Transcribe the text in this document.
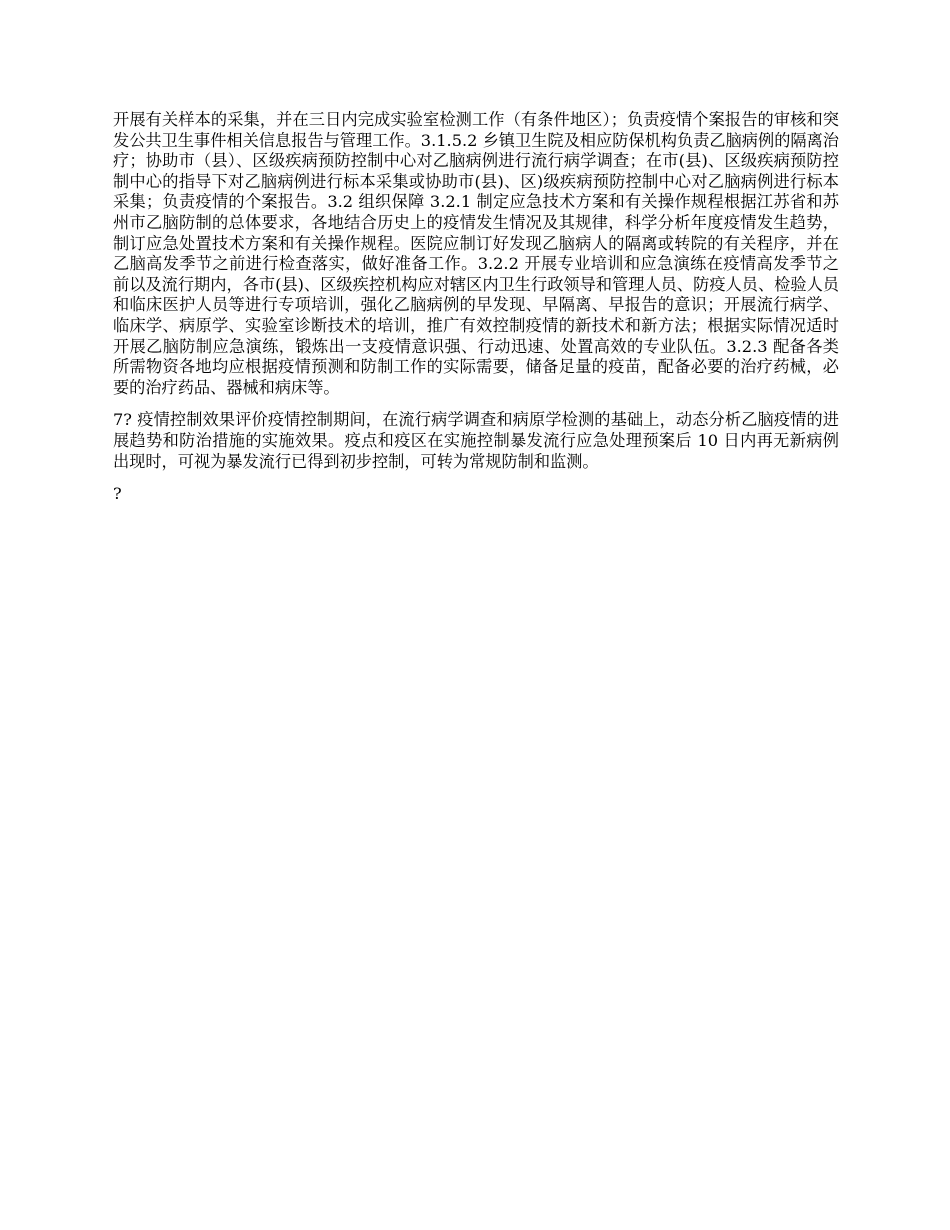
开展有关样本的采集，并在三日内完成实验室检测工作（有条件地区）；负责疫情个案报告的审核和突发公共卫生事件相关信息报告与管理工作。3.1.5.2 乡镇卫生院及相应防保机构负责乙脑病例的隔离治疗；协助市（县）、区级疾病预防控制中心对乙脑病例进行流行病学调查；在市(县)、区级疾病预防控制中心的指导下对乙脑病例进行标本采集或协助市(县)、区)级疾病预防控制中心对乙脑病例进行标本采集；负责疫情的个案报告。3.2 组织保障 3.2.1 制定应急技术方案和有关操作规程根据江苏省和苏州市乙脑防制的总体要求，各地结合历史上的疫情发生情况及其规律，科学分析年度疫情发生趋势，制订应急处置技术方案和有关操作规程。医院应制订好发现乙脑病人的隔离或转院的有关程序，并在乙脑高发季节之前进行检查落实，做好准备工作。3.2.2 开展专业培训和应急演练在疫情高发季节之前以及流行期内，各市(县)、区级疾控机构应对辖区内卫生行政领导和管理人员、防疫人员、检验人员和临床医护人员等进行专项培训，强化乙脑病例的早发现、早隔离、早报告的意识；开展流行病学、临床学、病原学、实验室诊断技术的培训，推广有效控制疫情的新技术和新方法；根据实际情况适时开展乙脑防制应急演练，锻炼出一支疫情意识强、行动迅速、处置高效的专业队伍。3.2.3 配备各类所需物资各地均应根据疫情预测和防制工作的实际需要，储备足量的疫苗，配备必要的治疗药械，必要的治疗药品、器械和病床等。

7? 疫情控制效果评价疫情控制期间，在流行病学调查和病原学检测的基础上，动态分析乙脑疫情的进展趋势和防治措施的实施效果。疫点和疫区在实施控制暴发流行应急处理预案后 10 日内再无新病例出现时，可视为暴发流行已得到初步控制，可转为常规防制和监测。

?
